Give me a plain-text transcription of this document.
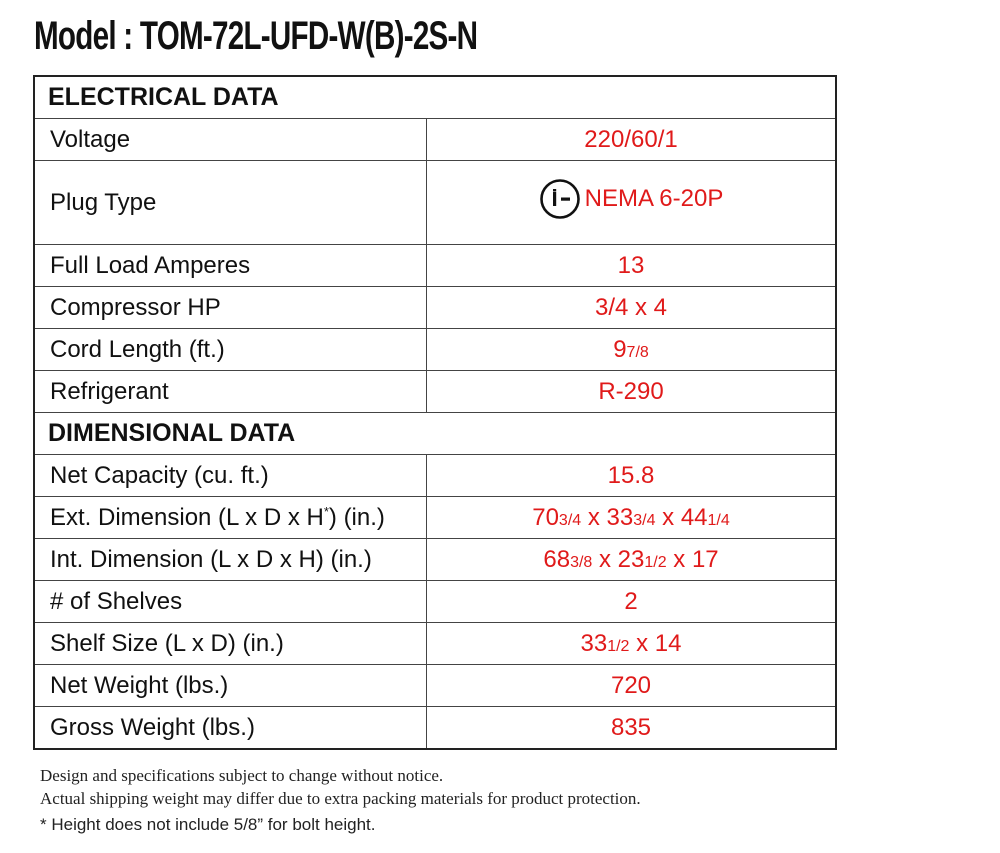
Model : TOM-72L-UFD-W(B)-2S-N
ELECTRICAL DATA	
Voltage	220/60/1
Plug Type	NEMA 6-20P

Full Load Amperes	13
Compressor HP	3/4 x 4
Cord Length (ft.)	97/8
Refrigerant	R-290
DIMENSIONAL DATA	
Net Capacity (cu. ft.)	15.8
Ext. Dimension (L x D x H*) (in.)	703/4 x 333/4 x 441/4
Int. Dimension (L x D x H) (in.)	683/8 x 231/2 x 17
# of Shelves	2
Shelf Size (L x D) (in.)	331/2 x 14
Net Weight (lbs.)	720
Gross Weight (lbs.)	835
Design and specifications subject to change without notice.
Actual shipping weight may differ due to extra packing materials for product protection.
* Height does not include 5/8” for bolt height.
